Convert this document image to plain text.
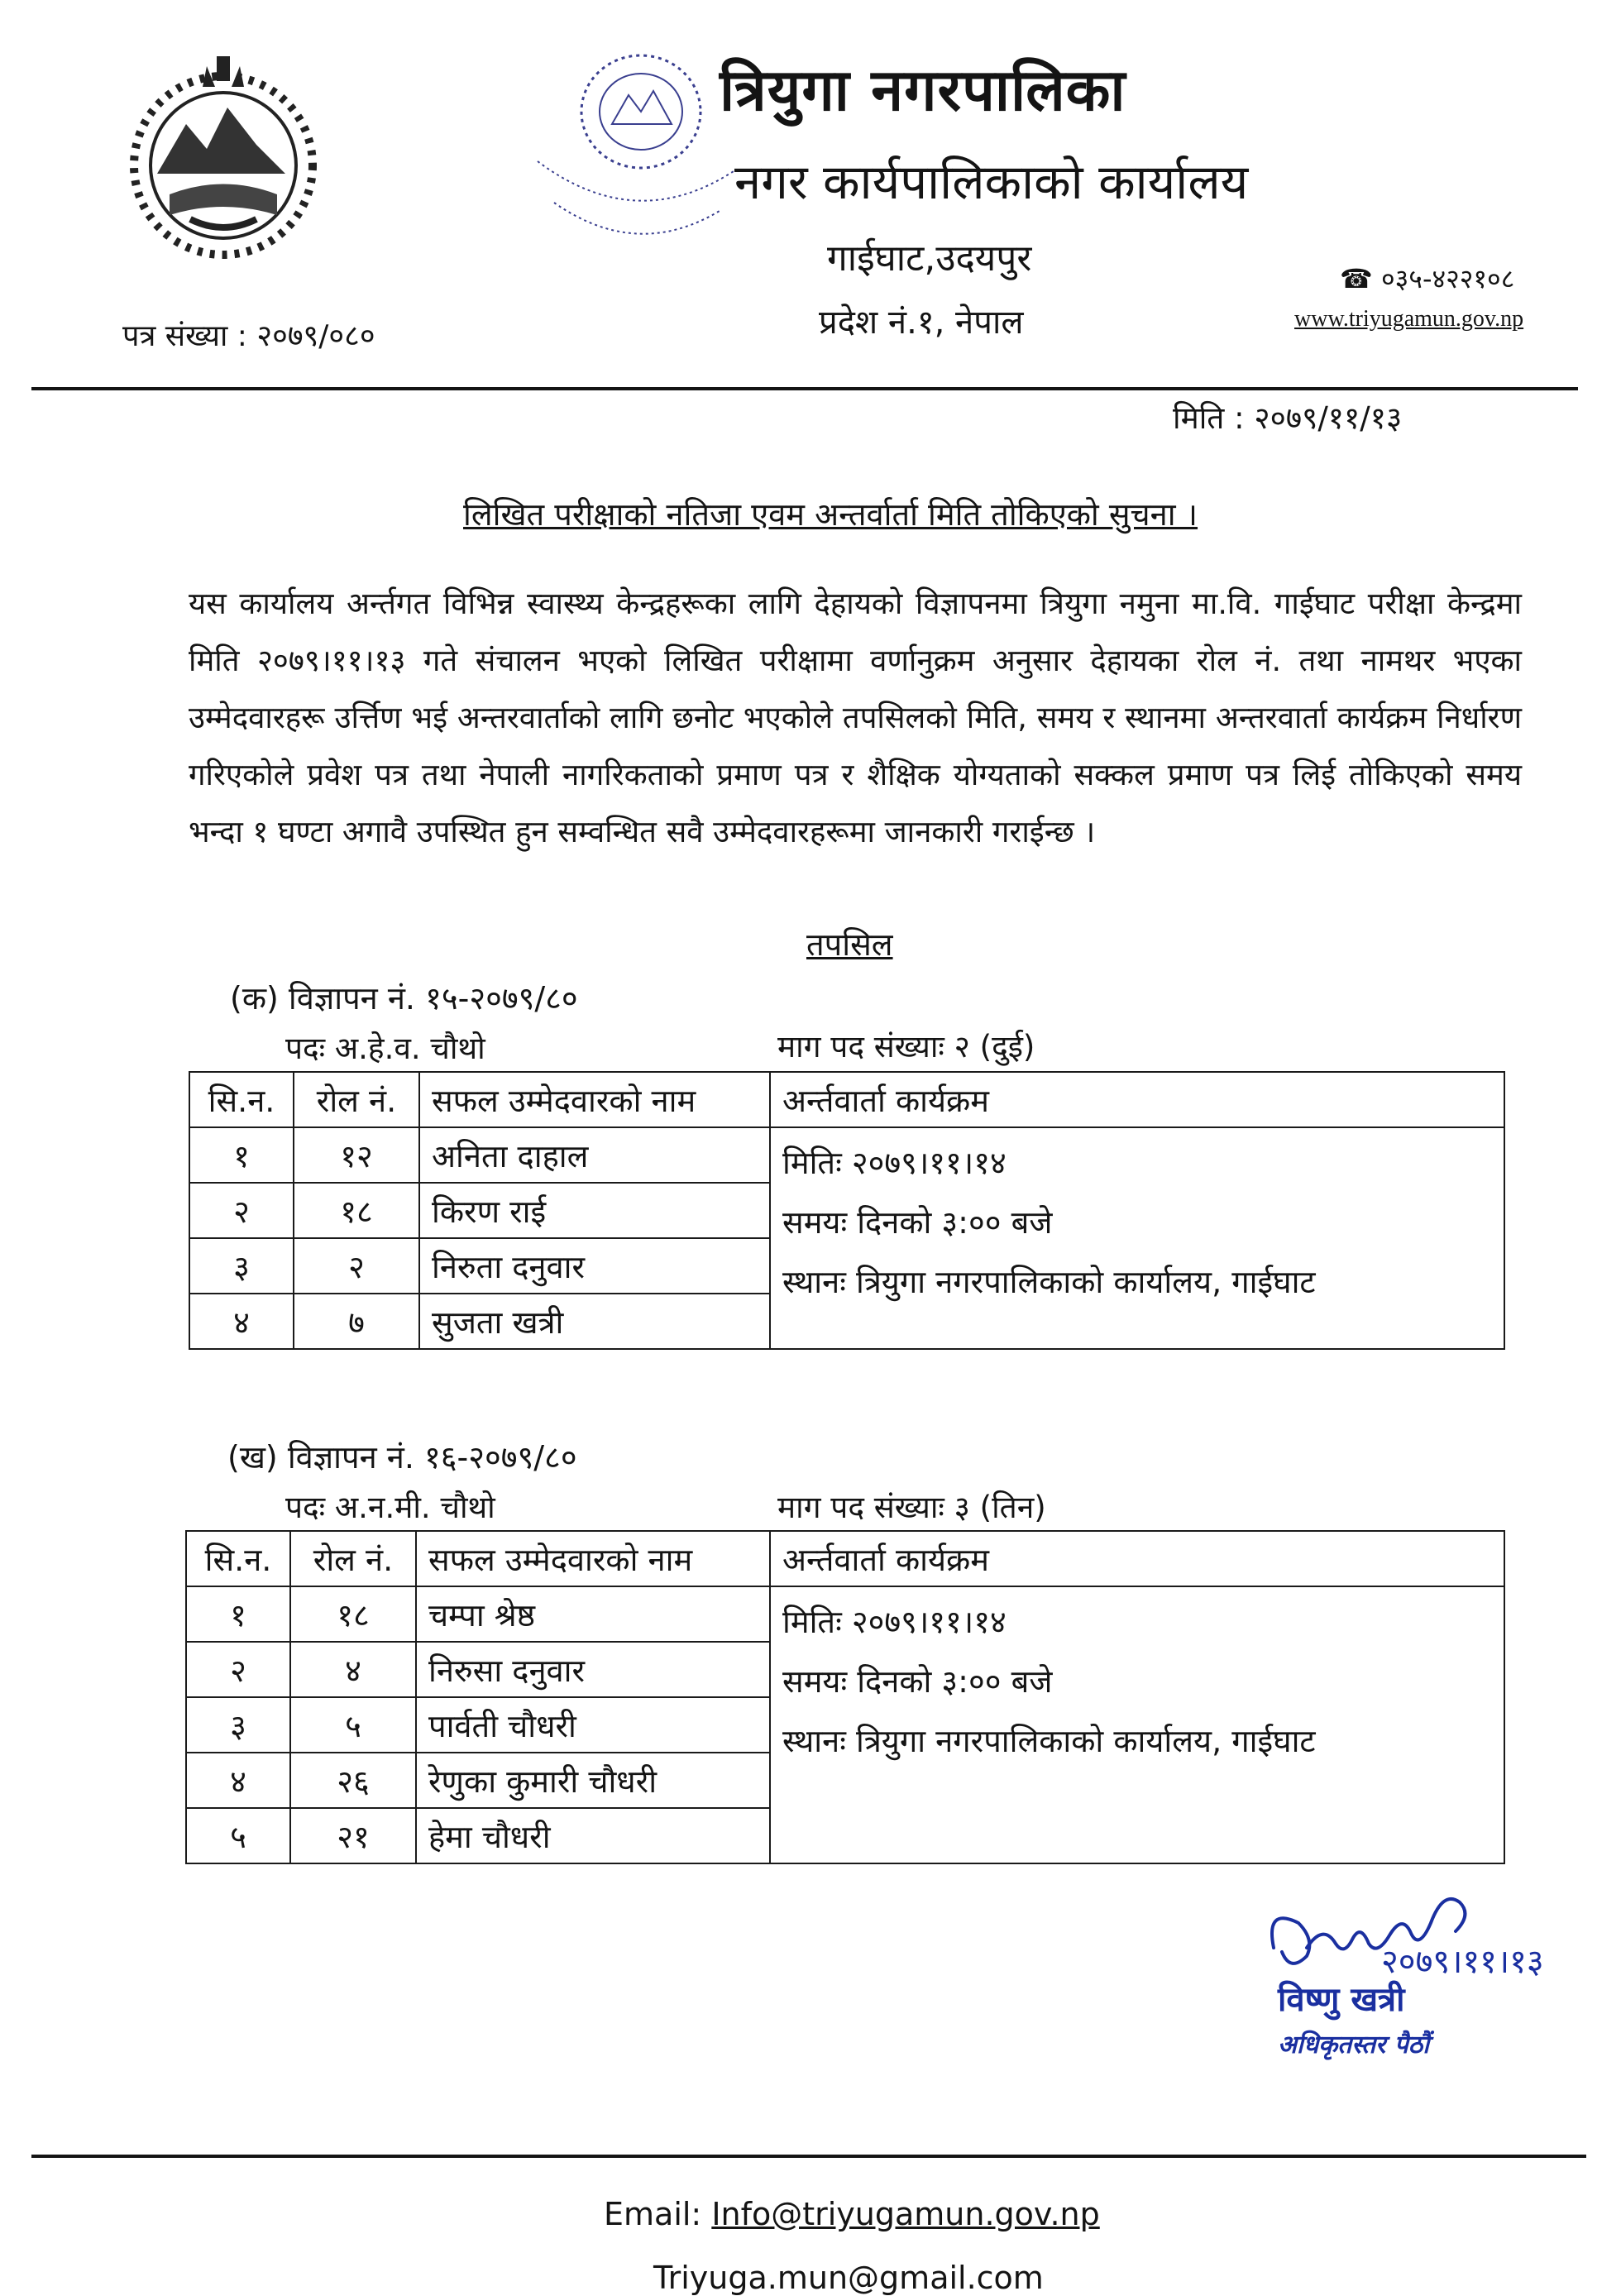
त्रियुगा नगरपालिका
नगर कार्यपालिकाको कार्यालय
गाईघाट,उदयपुर
प्रदेश नं.१, नेपाल
☎ ०३५-४२२१०८
www.triyugamun.gov.np
पत्र संख्या : २०७९/०८०
मिति : २०७९/११/१३
लिखित परीक्षाको नतिजा एवम अन्तर्वार्ता मिति तोकिएको सुचना ।
यस कार्यालय अर्न्तगत विभिन्न स्वास्थ्य केन्द्रहरूका लागि देहायको विज्ञापनमा त्रियुगा नमुना मा.वि. गाईघाट परीक्षा केन्द्रमा मिति २०७९।११।१३ गते संचालन भएको लिखित परीक्षामा वर्णानुक्रम अनुसार देहायका रोल नं. तथा नामथर भएका उम्मेदवारहरू उर्त्तिण भई अन्तरवार्ताको लागि छनोट भएकोले तपसिलको मिति, समय र स्थानमा अन्तरवार्ता कार्यक्रम निर्धारण गरिएकोले प्रवेश पत्र तथा नेपाली नागरिकताको प्रमाण पत्र र शैक्षिक योग्यताको सक्कल प्रमाण पत्र लिई तोकिएको समय भन्दा १ घण्टा अगावै उपस्थित हुन सम्वन्धित सवै उम्मेदवारहरूमा जानकारी गराईन्छ ।
तपसिल
(क) विज्ञापन नं. १५-२०७९/८०
पदः अ.हे.व. चौथो	माग पद संख्याः २ (दुई)
सि.न.	रोल नं.	सफल उम्मेदवारको नाम	अर्न्तवार्ता कार्यक्रम
१	१२	अनिता दाहाल	मितिः २०७९।११।१४
समयः दिनको ३:०० बजे
स्थानः त्रियुगा नगरपालिकाको कार्यालय, गाईघाट

२	१८	किरण राई	
३	२	निरुता दनुवार	
४	७	सुजता खत्री	
(ख) विज्ञापन नं. १६-२०७९/८०
पदः अ.न.मी. चौथो	माग पद संख्याः ३ (तिन)
सि.न.	रोल नं.	सफल उम्मेदवारको नाम	अर्न्तवार्ता कार्यक्रम
१	१८	चम्पा श्रेष्ठ	मितिः २०७९।११।१४
समयः दिनको ३:०० बजे
स्थानः त्रियुगा नगरपालिकाको कार्यालय, गाईघाट

२	४	निरुसा दनुवार	
३	५	पार्वती चौधरी	
४	२६	रेणुका कुमारी चौधरी	
५	२१	हेमा चौधरी	
२०७९।११।१३
विष्णु खत्री
अधिकृतस्तर पैठौं
Email: Info@triyugamun.gov.np
Triyuga.mun@gmail.com
